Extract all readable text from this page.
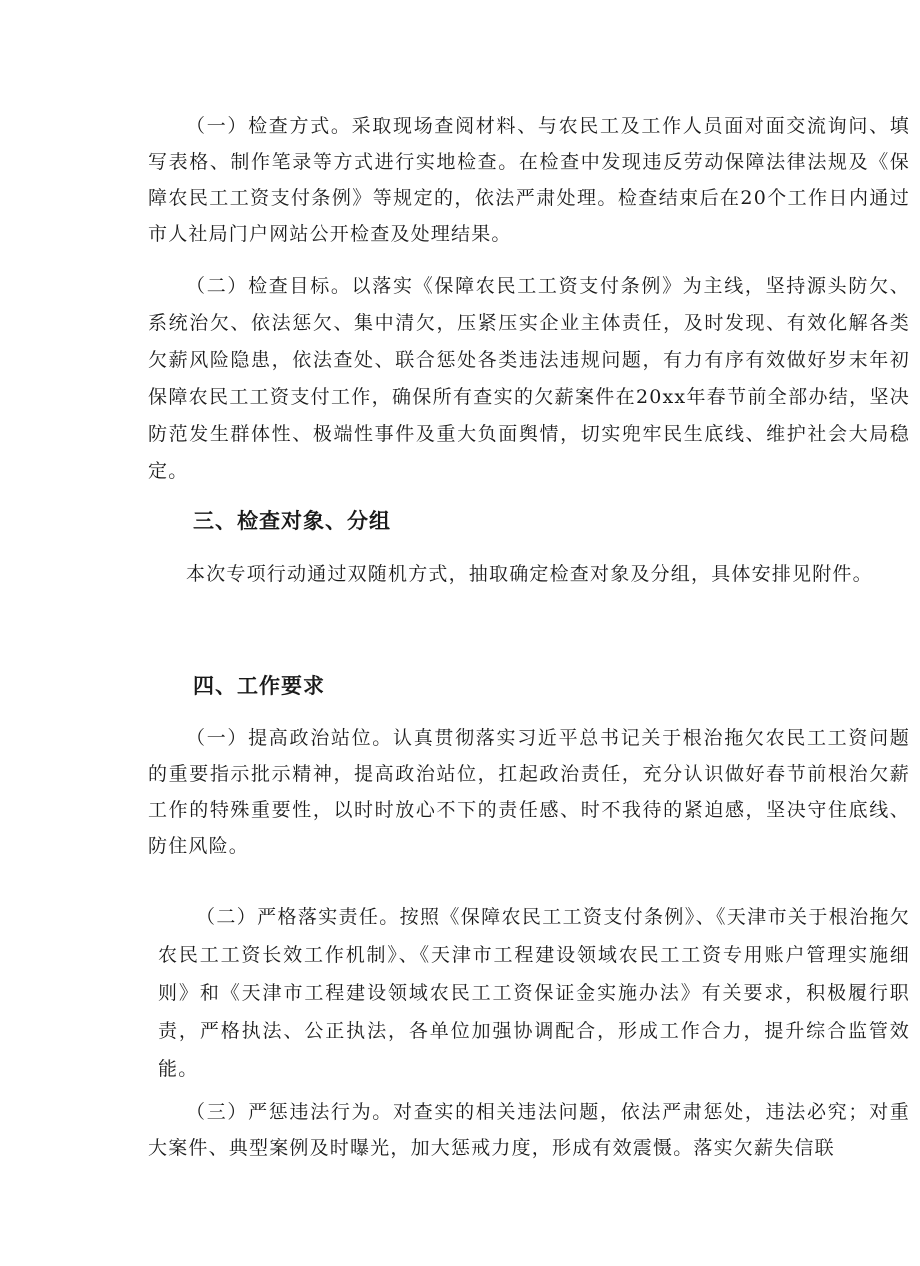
（一）检查方式。采取现场查阅材料、与农民工及工作人员面对面交流询问、填写表格、制作笔录等方式进行实地检查。在检查中发现违反劳动保障法律法规及《保障农民工工资支付条例》等规定的，依法严肃处理。检查结束后在20个工作日内通过市人社局门户网站公开检查及处理结果。

（二）检查目标。以落实《保障农民工工资支付条例》为主线，坚持源头防欠、系统治欠、依法惩欠、集中清欠，压紧压实企业主体责任，及时发现、有效化解各类欠薪风险隐患，依法查处、联合惩处各类违法违规问题，有力有序有效做好岁末年初保障农民工工资支付工作，确保所有查实的欠薪案件在20xx年春节前全部办结，坚决防范发生群体性、极端性事件及重大负面舆情，切实兜牢民生底线、维护社会大局稳定。

三、检查对象、分组

本次专项行动通过双随机方式，抽取确定检查对象及分组，具体安排见附件。

四、工作要求

（一）提高政治站位。认真贯彻落实习近平总书记关于根治拖欠农民工工资问题的重要指示批示精神，提高政治站位，扛起政治责任，充分认识做好春节前根治欠薪工作的特殊重要性，以时时放心不下的责任感、时不我待的紧迫感，坚决守住底线、防住风险。

（二）严格落实责任。按照《保障农民工工资支付条例》、《天津市关于根治拖欠农民工工资长效工作机制》、《天津市工程建设领域农民工工资专用账户管理实施细则》和《天津市工程建设领域农民工工资保证金实施办法》有关要求，积极履行职责，严格执法、公正执法，各单位加强协调配合，形成工作合力，提升综合监管效能。

（三）严惩违法行为。对查实的相关违法问题，依法严肃惩处，违法必究；对重大案件、典型案例及时曝光，加大惩戒力度，形成有效震慑。落实欠薪失信联
